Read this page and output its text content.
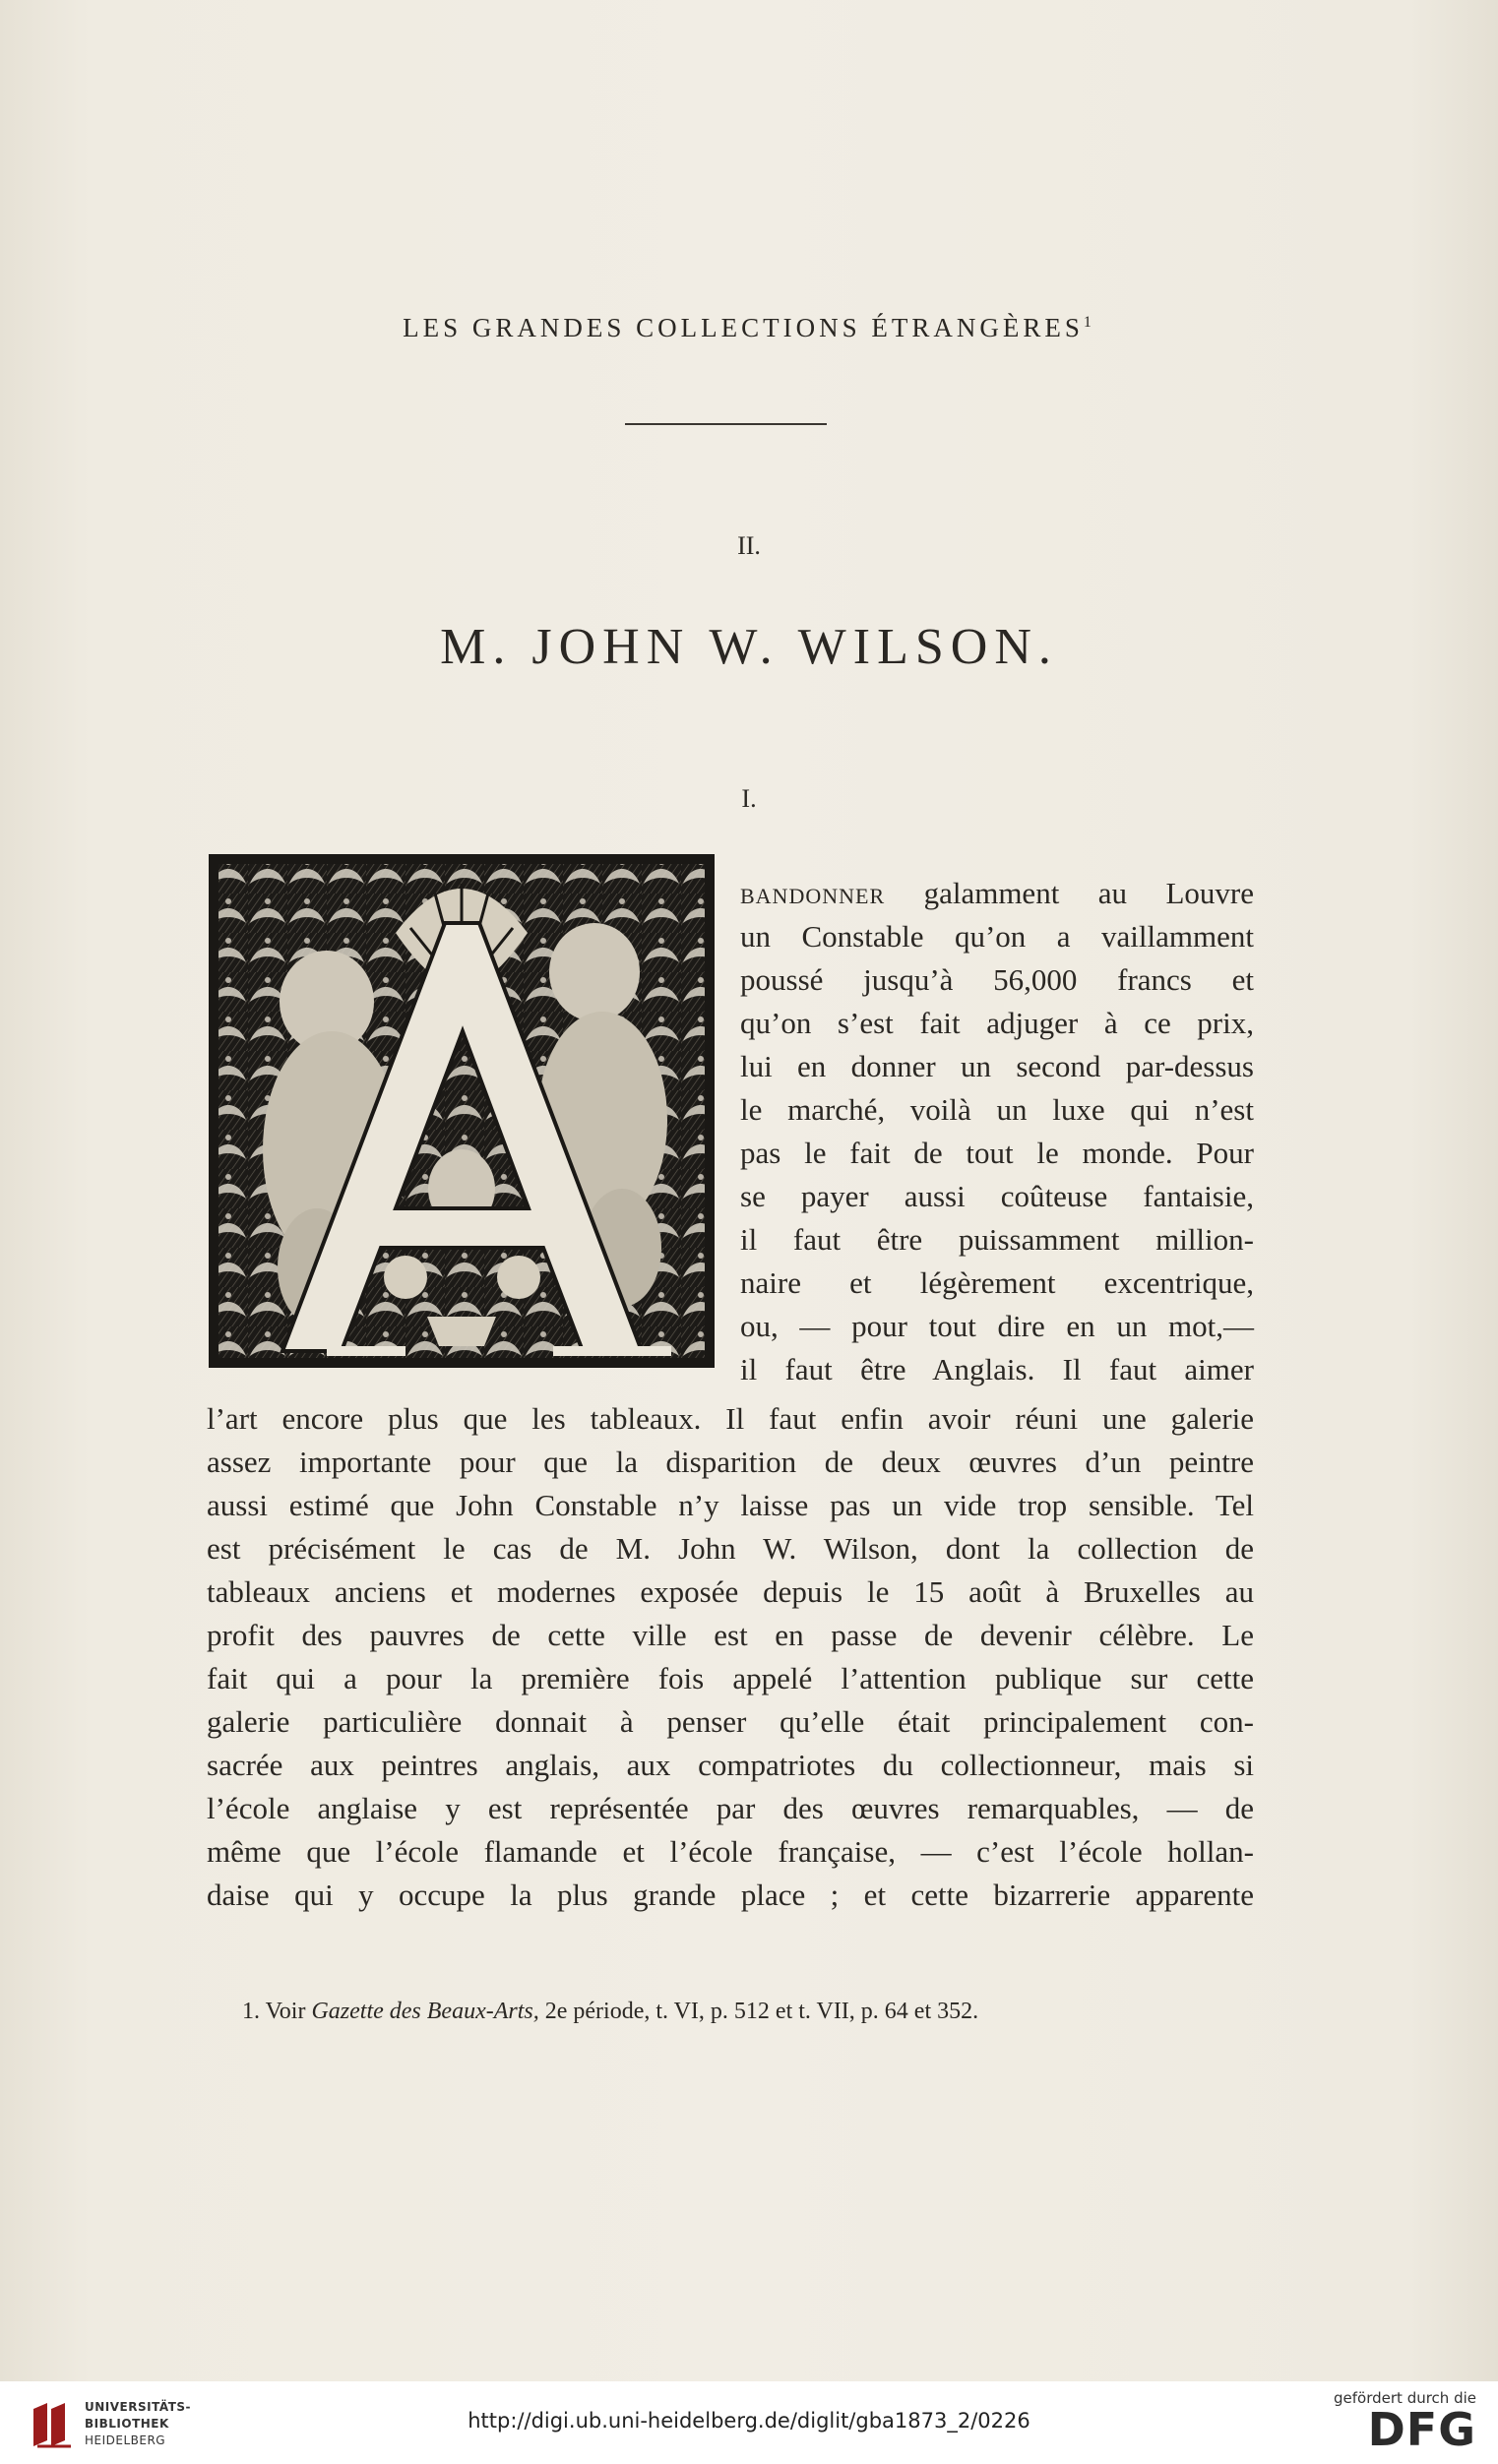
LES GRANDES COLLECTIONS ÉTRANGÈRES$^1$
II.
M. JOHN W. WILSON.
I.
bandonner galamment au Louvre
un Constable qu’on a vaillamment
poussé jusqu’à 56,000 francs et
qu’on s’est fait adjuger à ce prix,
lui en donner un second par-dessus
le marché, voilà un luxe qui n’est
pas le fait de tout le monde. Pour
se payer aussi coûteuse fantaisie,
il faut être puissamment million-
naire et légèrement excentrique,
ou, — pour tout dire en un mot,—
il faut être Anglais. Il faut aimer
l’art encore plus que les tableaux. Il faut enfin avoir réuni une galerie
assez importante pour que la disparition de deux œuvres d’un peintre
aussi estimé que John Constable n’y laisse pas un vide trop sensible. Tel
est précisément le cas de M. John W. Wilson, dont la collection de
tableaux anciens et modernes exposée depuis le 15 août à Bruxelles au
profit des pauvres de cette ville est en passe de devenir célèbre. Le
fait qui a pour la première fois appelé l’attention publique sur cette
galerie particulière donnait à penser qu’elle était principalement con-
sacrée aux peintres anglais, aux compatriotes du collectionneur, mais si
l’école anglaise y est représentée par des œuvres remarquables, — de
même que l’école flamande et l’école française, — c’est l’école hollan-
daise qui y occupe la plus grande place ; et cette bizarrerie apparente
1. Voir Gazette des Beaux-Arts, 2e période, t. VI, p. 512 et t. VII, p. 64 et 352.
UNIVERSITÄTS-
BIBLIOTHEK
HEIDELBERG
http://digi.ub.uni-heidelberg.de/diglit/gba1873_2/0226
gefördert durch die
DFG
